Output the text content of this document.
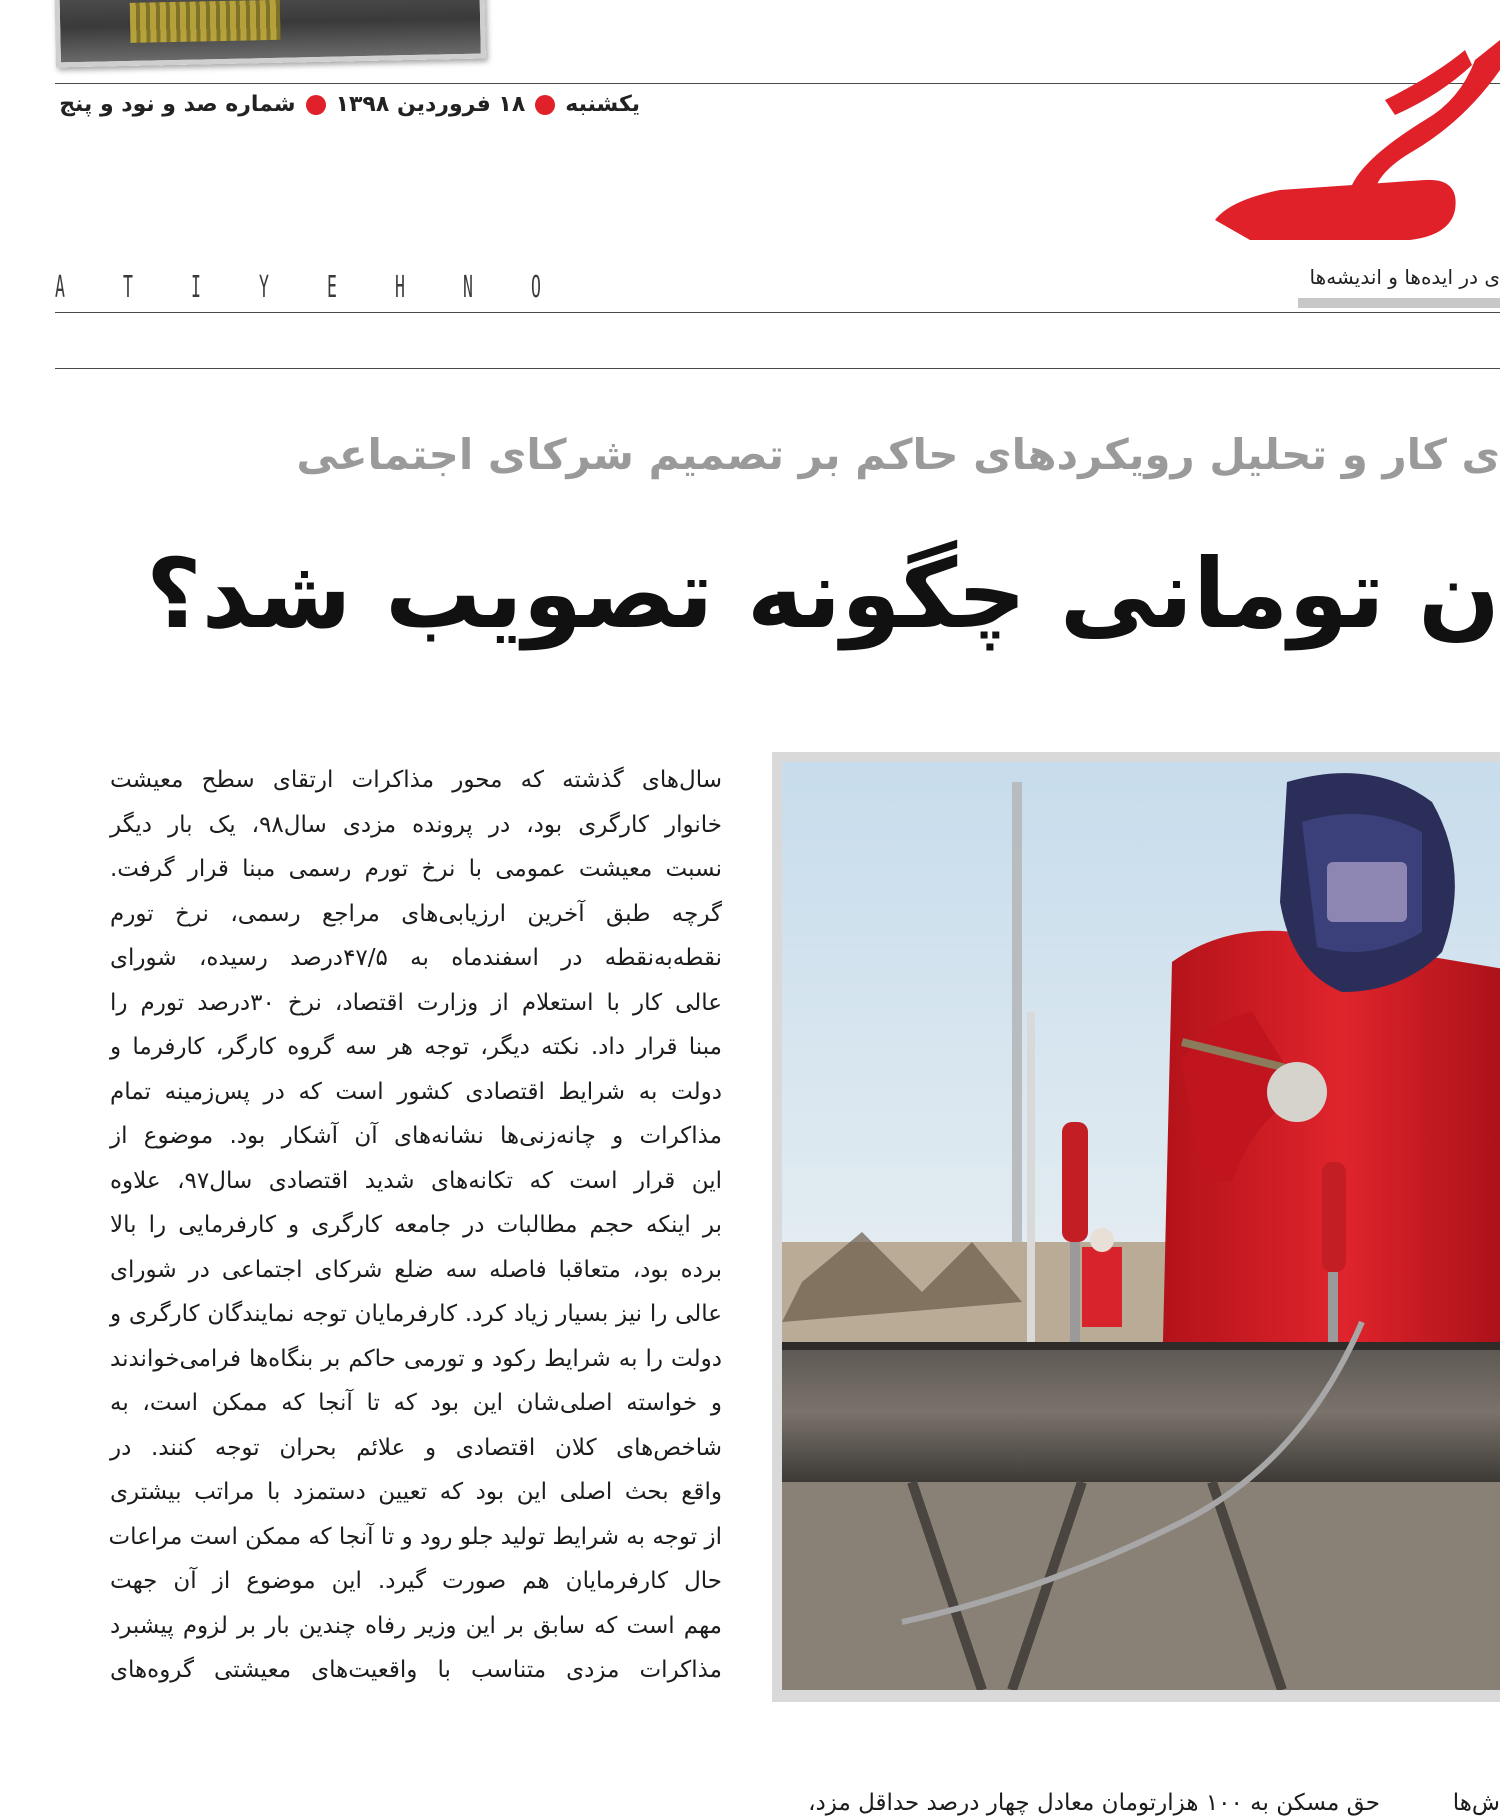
یکشنبه
۱۸ فروردین ۱۳۹۸
شماره صد و نود و پنج
ی در ایده‌ها و اندیشه‌ها
A	T	I	Y	E	H	N	O
ی کار و تحلیل رویکردهای حاکم بر تصمیم شرکای اجتماعی
ن تومانی چگونه تصویب شد؟
سال‌های گذشته که محور مذاکرات ارتقای سطح معیشت
خانوار کارگری بود، در پرونده مزدی سال۹۸، یک بار دیگر
نسبت معیشت عمومی با نرخ تورم رسمی مبنا قرار گرفت.
گرچه طبق آخرین ارزیابی‌های مراجع رسمی، نرخ تورم
نقطه‌به‌نقطه در اسفندماه به ۴۷/۵درصد رسیده، شورای
عالی کار با استعلام از وزارت اقتصاد، نرخ ۳۰درصد تورم را
مبنا قرار داد. نکته دیگر، توجه هر سه گروه کارگر، کارفرما و
دولت به شرایط اقتصادی کشور است که در پس‌زمینه تمام
مذاکرات و چانه‌زنی‌ها نشانه‌های آن آشکار بود. موضوع از
این قرار است که تکانه‌های شدید اقتصادی سال۹۷، علاوه
بر اینکه حجم مطالبات در جامعه کارگری و کارفرمایی را بالا
برده بود، متعاقبا فاصله سه ضلع شرکای اجتماعی در شورای
عالی را نیز بسیار زیاد کرد. کارفرمایان توجه نمایندگان کارگری و
دولت را به شرایط رکود و تورمی حاکم بر بنگاه‌ها فرامی‌خواندند
و خواسته اصلی‌شان این بود که تا آنجا که ممکن است، به
شاخص‌های کلان اقتصادی و علائم بحران توجه کنند. در
واقع بحث اصلی این بود که تعیین دستمزد با مراتب بیشتری
از توجه به شرایط تولید جلو رود و تا آنجا که ممکن است مراعات
حال کارفرمایان هم صورت گیرد. این موضوع از آن جهت
مهم است که سابق بر این وزیر رفاه چندین بار بر لزوم پیشبرد
مذاکرات مزدی متناسب با واقعیت‌های معیشتی گروه‌های
ش‌ها
حق مسکن به ۱۰۰ هزارتومان معادل چهار درصد حداقل مزد،
